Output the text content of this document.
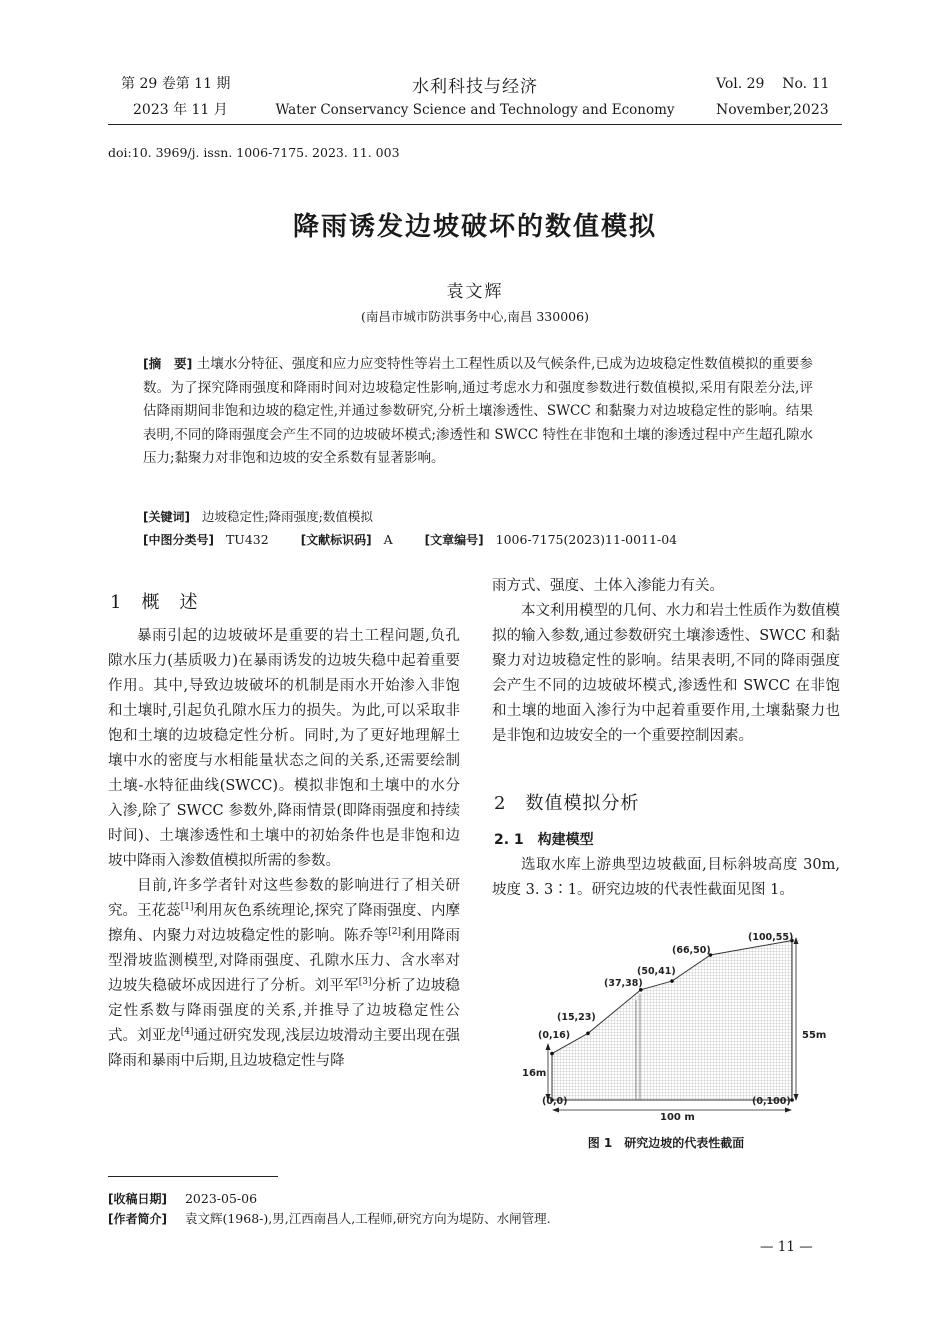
第 29 卷第 11 期
2023 年 11 月
水利科技与经济
Water Conservancy Science and Technology and Economy
Vol. 29    No. 11
November,2023
doi:10. 3969/j. issn. 1006-7175. 2023. 11. 003
降雨诱发边坡破坏的数值模拟
袁文辉
(南昌市城市防洪事务中心,南昌 330006)
[摘　要] 土壤水分特征、强度和应力应变特性等岩土工程性质以及气候条件,已成为边坡稳定性数值模拟的重要参数。为了探究降雨强度和降雨时间对边坡稳定性影响,通过考虑水力和强度参数进行数值模拟,采用有限差分法,评估降雨期间非饱和边坡的稳定性,并通过参数研究,分析土壤渗透性、SWCC 和黏聚力对边坡稳定性的影响。结果表明,不同的降雨强度会产生不同的边坡破坏模式;渗透性和 SWCC 特性在非饱和土壤的渗透过程中产生超孔隙水压力;黏聚力对非饱和边坡的安全系数有显著影响。
[关键词] 边坡稳定性;降雨强度;数值模拟
[中图分类号] TU432	[文献标识码] A	[文章编号] 1006-7175(2023)11-0011-04
1　概　述

暴雨引起的边坡破坏是重要的岩土工程问题,负孔隙水压力(基质吸力)在暴雨诱发的边坡失稳中起着重要作用。其中,导致边坡破坏的机制是雨水开始渗入非饱和土壤时,引起负孔隙水压力的损失。为此,可以采取非饱和土壤的边坡稳定性分析。同时,为了更好地理解土壤中水的密度与水相能量状态之间的关系,还需要绘制土壤-水特征曲线(SWCC)。模拟非饱和土壤中的水分入渗,除了 SWCC 参数外,降雨情景(即降雨强度和持续时间)、土壤渗透性和土壤中的初始条件也是非饱和边坡中降雨入渗数值模拟所需的参数。

目前,许多学者针对这些参数的影响进行了相关研究。王花蕊[1]利用灰色系统理论,探究了降雨强度、内摩擦角、内聚力对边坡稳定性的影响。陈乔等[2]利用降雨型滑坡监测模型,对降雨强度、孔隙水压力、含水率对边坡失稳破坏成因进行了分析。刘平军[3]分析了边坡稳定性系数与降雨强度的关系,并推导了边坡稳定性公式。刘亚龙[4]通过研究发现,浅层边坡滑动主要出现在强降雨和暴雨中后期,且边坡稳定性与降

雨方式、强度、土体入渗能力有关。

本文利用模型的几何、水力和岩土性质作为数值模拟的输入参数,通过参数研究土壤渗透性、SWCC 和黏聚力对边坡稳定性的影响。结果表明,不同的降雨强度会产生不同的边坡破坏模式,渗透性和 SWCC 在非饱和土壤的地面入渗行为中起着重要作用,土壤黏聚力也是非饱和边坡安全的一个重要控制因素。

2　数值模拟分析
2. 1　构建模型

选取水库上游典型边坡截面,目标斜坡高度 30m,坡度 3. 3∶1。研究边坡的代表性截面见图 1。

16m
55m
100 m
(0,0)
(0,16)
(15,23)
(37,38)
(50,41)
(66,50)
(100,55)
(0,100)
图 1　研究边坡的代表性截面
[收稿日期] 2023-05-06
[作者简介] 袁文辉(1968-),男,江西南昌人,工程师,研究方向为堤防、水闸管理.
— 11 —
